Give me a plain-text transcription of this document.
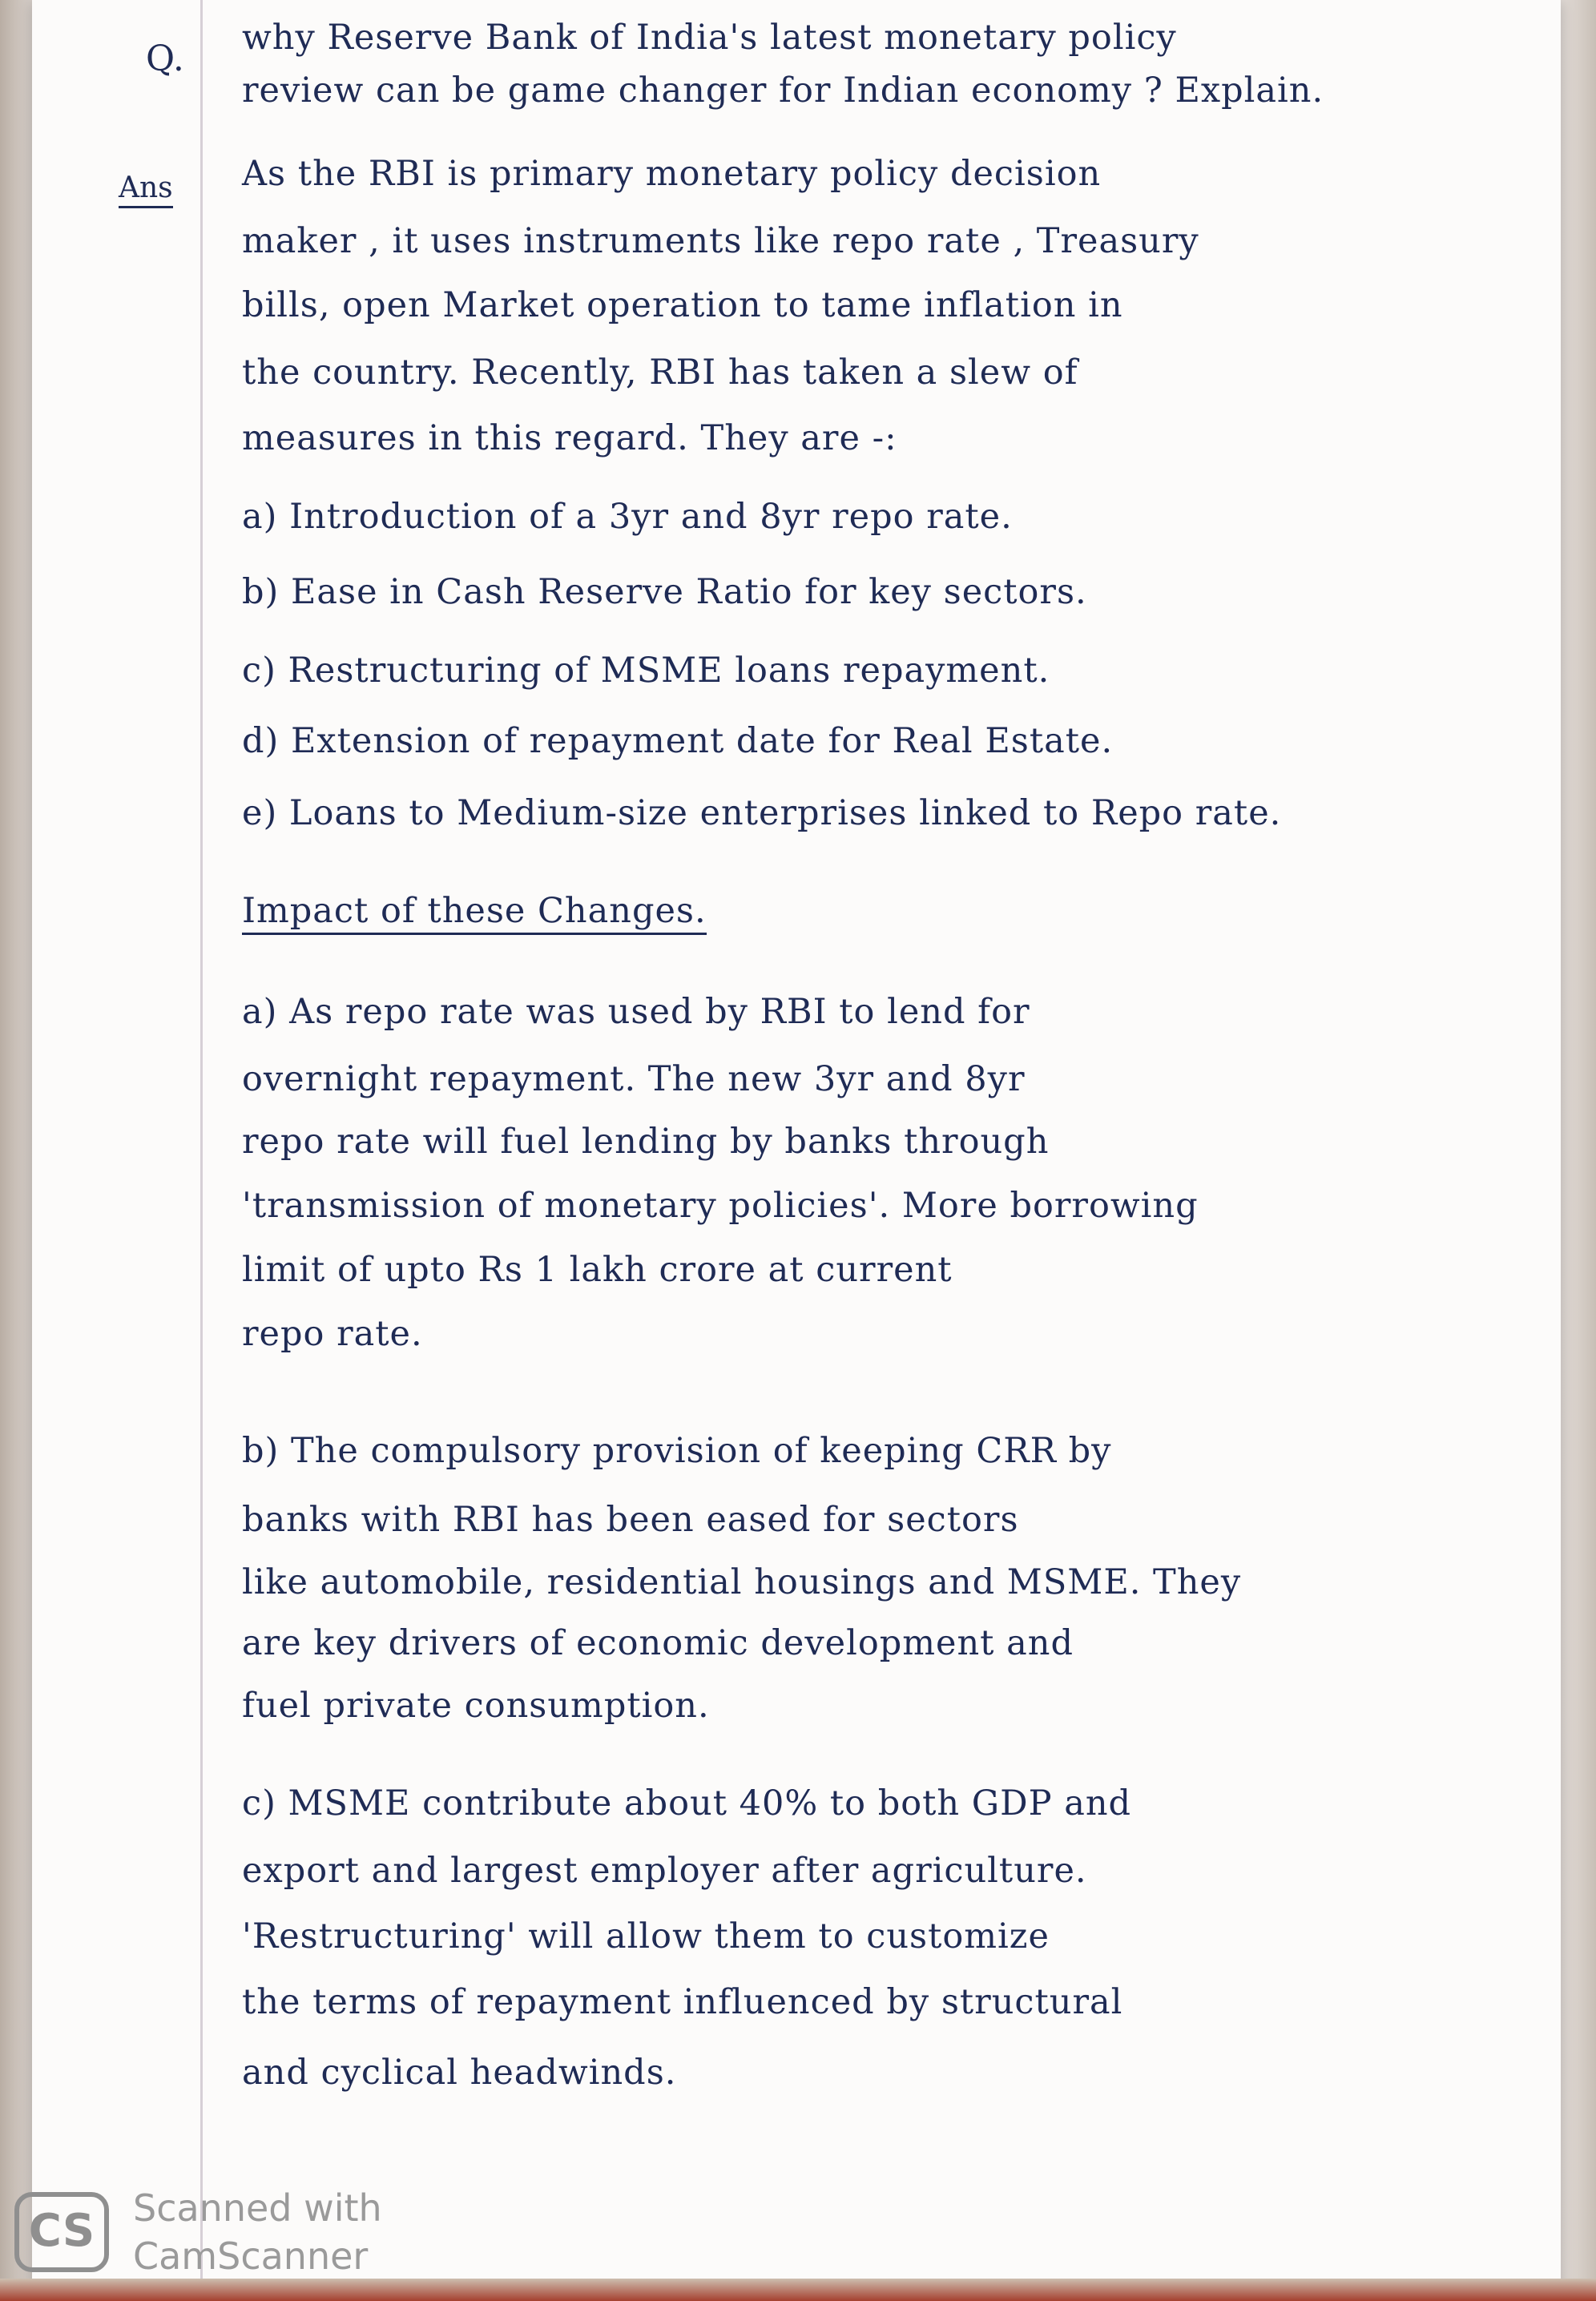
Q.
Ans
why Reserve Bank of India's latest monetary policy
review can be game changer for Indian economy ? Explain.
As the RBI is primary monetary policy decision
maker , it uses instruments like repo rate , Treasury
bills, open Market operation to tame inflation in
the country. Recently, RBI has taken a slew of
measures in this regard. They are -:
a) Introduction of a 3yr and 8yr repo rate.
b) Ease in Cash Reserve Ratio for key sectors.
c) Restructuring of MSME loans repayment.
d) Extension of repayment date for Real Estate.
e) Loans to Medium-size enterprises linked to Repo rate.
Impact of these Changes.
a) As repo rate was used by RBI to lend for
overnight repayment. The new 3yr and 8yr
repo rate will fuel lending by banks through
'transmission of monetary policies'. More borrowing
limit of upto Rs 1 lakh crore at current
repo rate.
b) The compulsory provision of keeping CRR by
banks with RBI has been eased for sectors
like automobile, residential housings and MSME. They
are key drivers of economic development and
fuel private consumption.
c) MSME contribute about 40% to both GDP and
export and largest employer after agriculture.
'Restructuring' will allow them to customize
the terms of repayment influenced by structural
and cyclical headwinds.
CS	Scanned with
CamScanner
